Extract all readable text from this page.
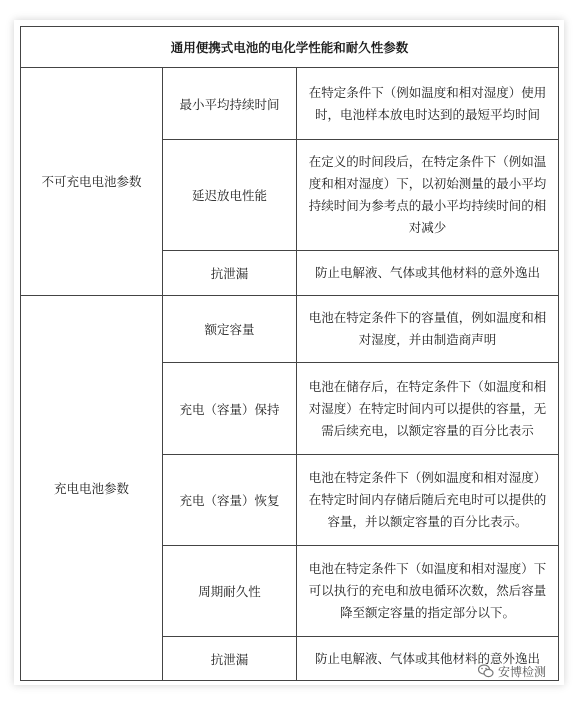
通用便携式电池的电化学性能和耐久性参数		
不可充电电池参数	最小平均持续时间	在特定条件下（例如温度和相对湿度）使用时，电池样本放电时达到的最短平均时间
	延迟放电性能	在定义的时间段后，在特定条件下（例如温度和相对湿度）下，以初始测量的最小平均持续时间为参考点的最小平均持续时间的相对减少
	抗泄漏	防止电解液、气体或其他材料的意外逸出
充电电池参数	额定容量	电池在特定条件下的容量值，例如温度和相对湿度，并由制造商声明
	充电（容量）保持	电池在储存后，在特定条件下（如温度和相对湿度）在特定时间内可以提供的容量，无需后续充电，以额定容量的百分比表示
	充电（容量）恢复	电池在特定条件下（例如温度和相对湿度）在特定时间内存储后随后充电时可以提供的容量，并以额定容量的百分比表示。
	周期耐久性	电池在特定条件下（如温度和相对湿度）下可以执行的充电和放电循环次数，然后容量降至额定容量的指定部分以下。
	抗泄漏	防止电解液、气体或其他材料的意外逸出
安博检测
